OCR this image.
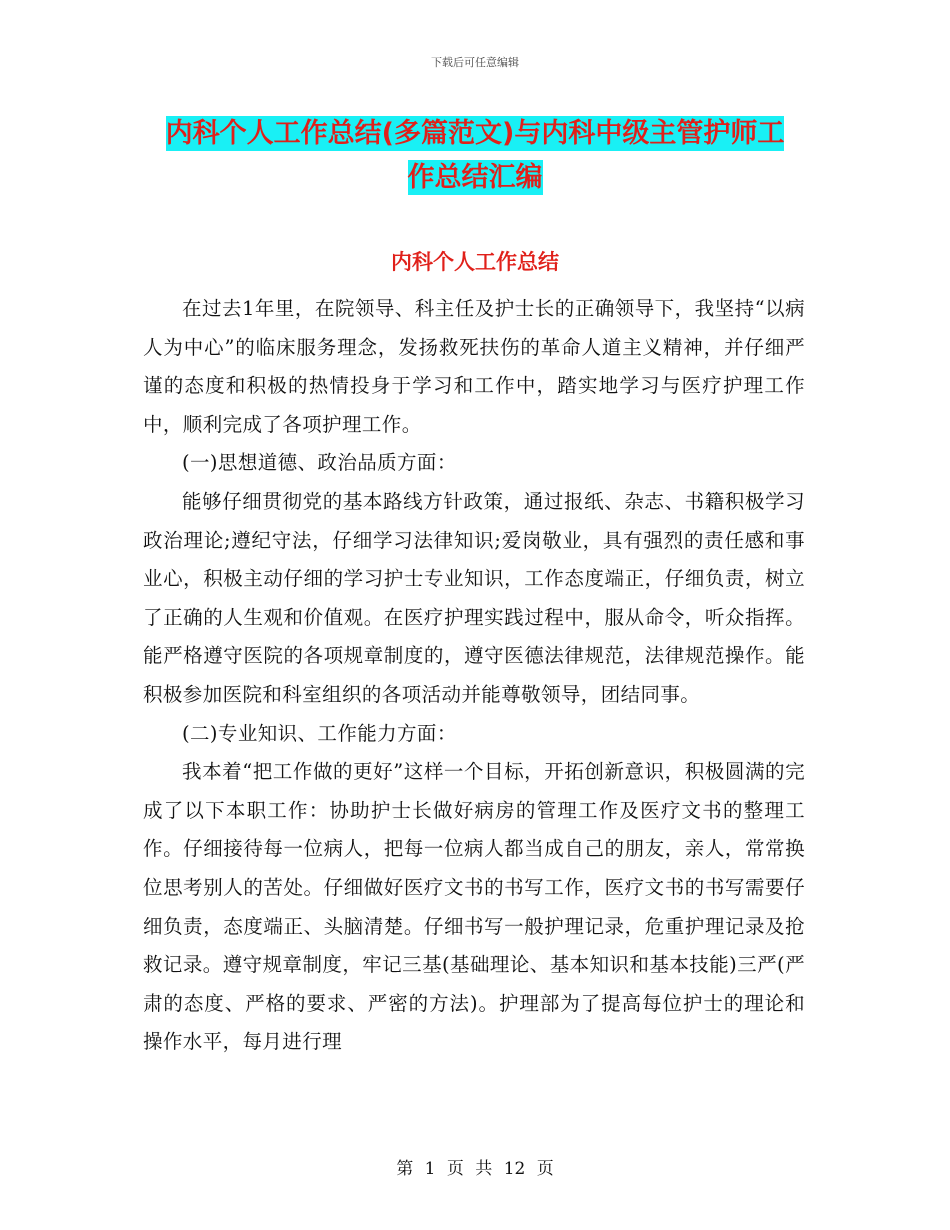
下载后可任意编辑
内科个人工作总结(多篇范文)与内科中级主管护师工
作总结汇编
内科个人工作总结

在过去1年里，在院领导、科主任及护士长的正确领导下，我坚持“以病人为中心”的临床服务理念，发扬救死扶伤的革命人道主义精神，并仔细严谨的态度和积极的热情投身于学习和工作中，踏实地学习与医疗护理工作中，顺利完成了各项护理工作。

(一)思想道德、政治品质方面：

能够仔细贯彻党的基本路线方针政策，通过报纸、杂志、书籍积极学习政治理论;遵纪守法，仔细学习法律知识;爱岗敬业，具有强烈的责任感和事业心，积极主动仔细的学习护士专业知识，工作态度端正，仔细负责，树立了正确的人生观和价值观。在医疗护理实践过程中，服从命令，听众指挥。能严格遵守医院的各项规章制度的，遵守医德法律规范，法律规范操作。能积极参加医院和科室组织的各项活动并能尊敬领导，团结同事。

(二)专业知识、工作能力方面：

我本着“把工作做的更好”这样一个目标，开拓创新意识，积极圆满的完成了以下本职工作：协助护士长做好病房的管理工作及医疗文书的整理工作。仔细接待每一位病人，把每一位病人都当成自己的朋友，亲人，常常换位思考别人的苦处。仔细做好医疗文书的书写工作，医疗文书的书写需要仔细负责，态度端正、头脑清楚。仔细书写一般护理记录，危重护理记录及抢救记录。遵守规章制度，牢记三基(基础理论、基本知识和基本技能)三严(严肃的态度、严格的要求、严密的方法)。护理部为了提高每位护士的理论和操作水平，每月进行理

第 1 页 共 12 页
